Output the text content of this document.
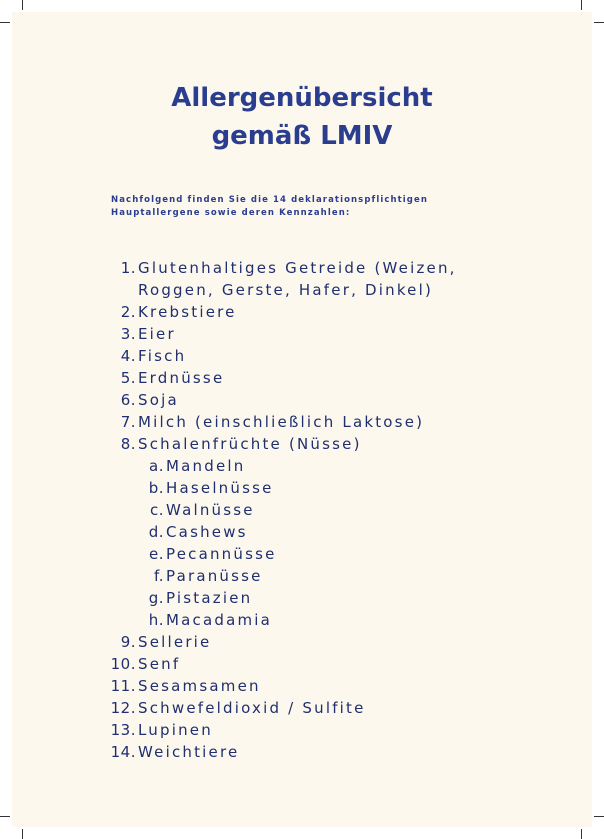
Allergenübersicht
gemäß LMIV

Nachfolgend finden Sie die 14 deklarationspflichtigen
Hauptallergene sowie deren Kennzahlen:

1. Glutenhaltiges Getreide (Weizen,
Roggen, Gerste, Hafer, Dinkel)
2. Krebstiere
3. Eier
4. Fisch
5. Erdnüsse
6. Soja
7. Milch (einschließlich Laktose)
8. Schalenfrüchte (Nüsse)
a. Mandeln
b. Haselnüsse
c. Walnüsse
d. Cashews
e. Pecannüsse
f. Paranüsse
g. Pistazien
h. Macadamia
9. Sellerie
10. Senf
11. Sesamsamen
12. Schwefeldioxid / Sulfite
13. Lupinen
14. Weichtiere
